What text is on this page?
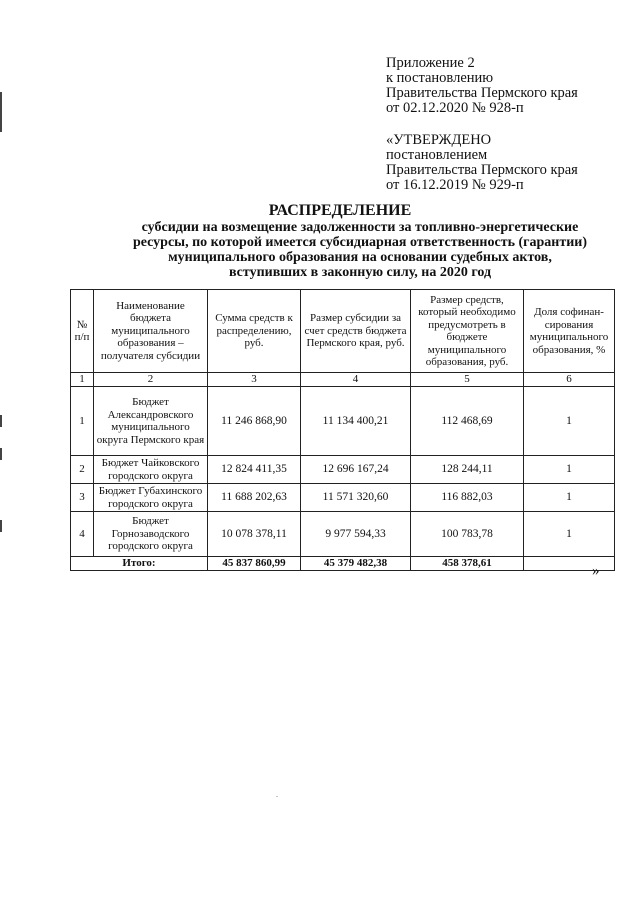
Приложение 2
к постановлению
Правительства Пермского края
от 02.12.2020 № 928-п
«УТВЕРЖДЕНО
постановлением
Правительства Пермского края
от 16.12.2019 № 929-п
РАСПРЕДЕЛЕНИЕ
субсидии на возмещение задолженности за топливно-энергетические
ресурсы, по которой имеется субсидиарная ответственность (гарантии)
муниципального образования на основании судебных актов,
вступивших в законную силу, на 2020 год
№ п/п	Наименование бюджета муниципального образования – получателя субсидии	Сумма средств к распределению, руб.	Размер субсидии за счет средств бюджета Пермского края, руб.	Размер средств, который необходимо предусмотреть в бюджете муниципального образования, руб.	Доля софинан-сирования муниципального образования, %
1	2	3	4	5	6
1	Бюджет Александровского муниципального округа Пермского края	11 246 868,90	11 134 400,21	112 468,69	1
2	Бюджет Чайковского городского округа	12 824 411,35	12 696 167,24	128 244,11	1
3	Бюджет Губахинского городского округа	11 688 202,63	11 571 320,60	116 882,03	1
4	Бюджет Горнозаводского городского округа	10 078 378,11	9 977 594,33	100 783,78	1
Итого:		45 837 860,99	45 379 482,38	458 378,61		»
.
